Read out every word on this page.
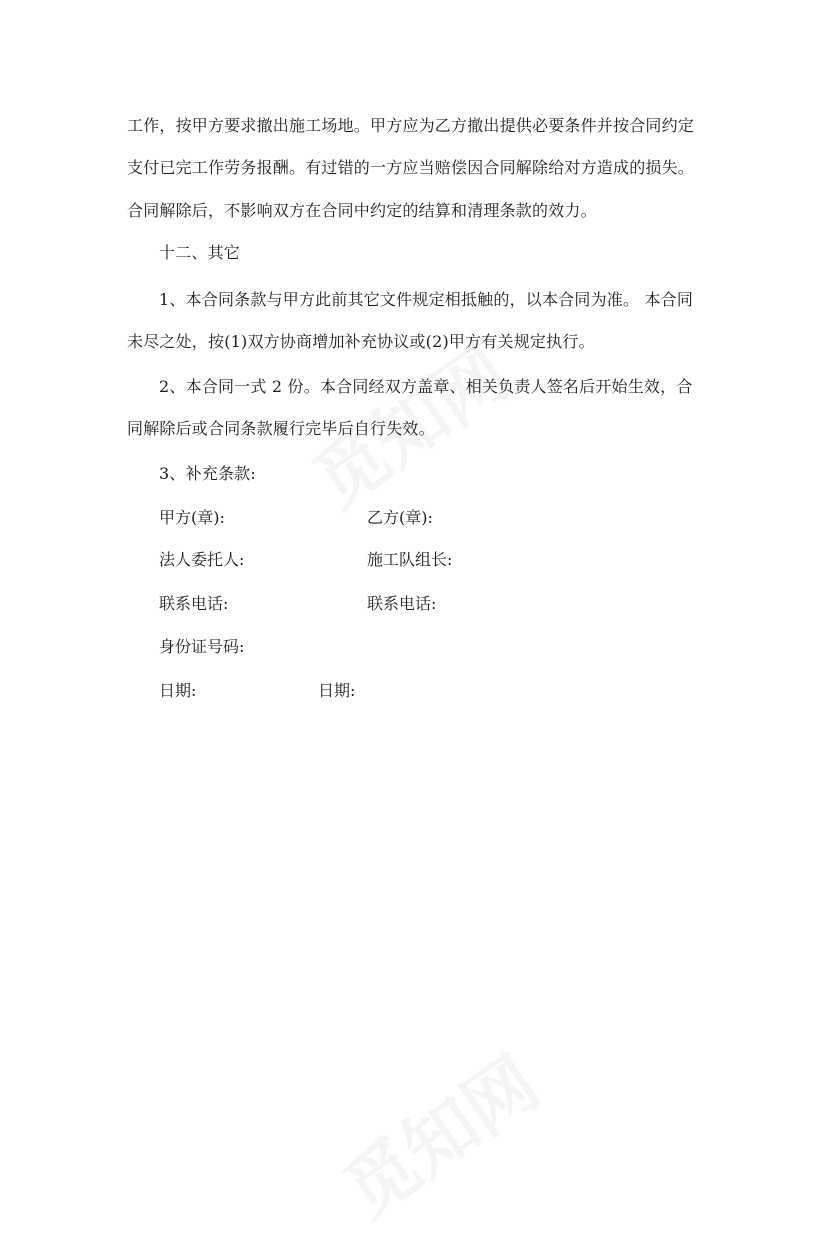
工作，按甲方要求撤出施工场地。甲方应为乙方撤出提供必要条件并按合同约定
支付已完工作劳务报酬。有过错的一方应当赔偿因合同解除给对方造成的损失。
合同解除后，不影响双方在合同中约定的结算和清理条款的效力。
十二、其它
1、本合同条款与甲方此前其它文件规定相抵触的，以本合同为准。 本合同
未尽之处，按(1)双方协商增加补充协议或(2)甲方有关规定执行。
2、本合同一式 2 份。本合同经双方盖章、相关负责人签名后开始生效，合
同解除后或合同条款履行完毕后自行失效。
3、补充条款:
甲方(章):	乙方(章):
法人委托人:	施工队组长:
联系电话:	联系电话:
身份证号码:
日期:	日期:
